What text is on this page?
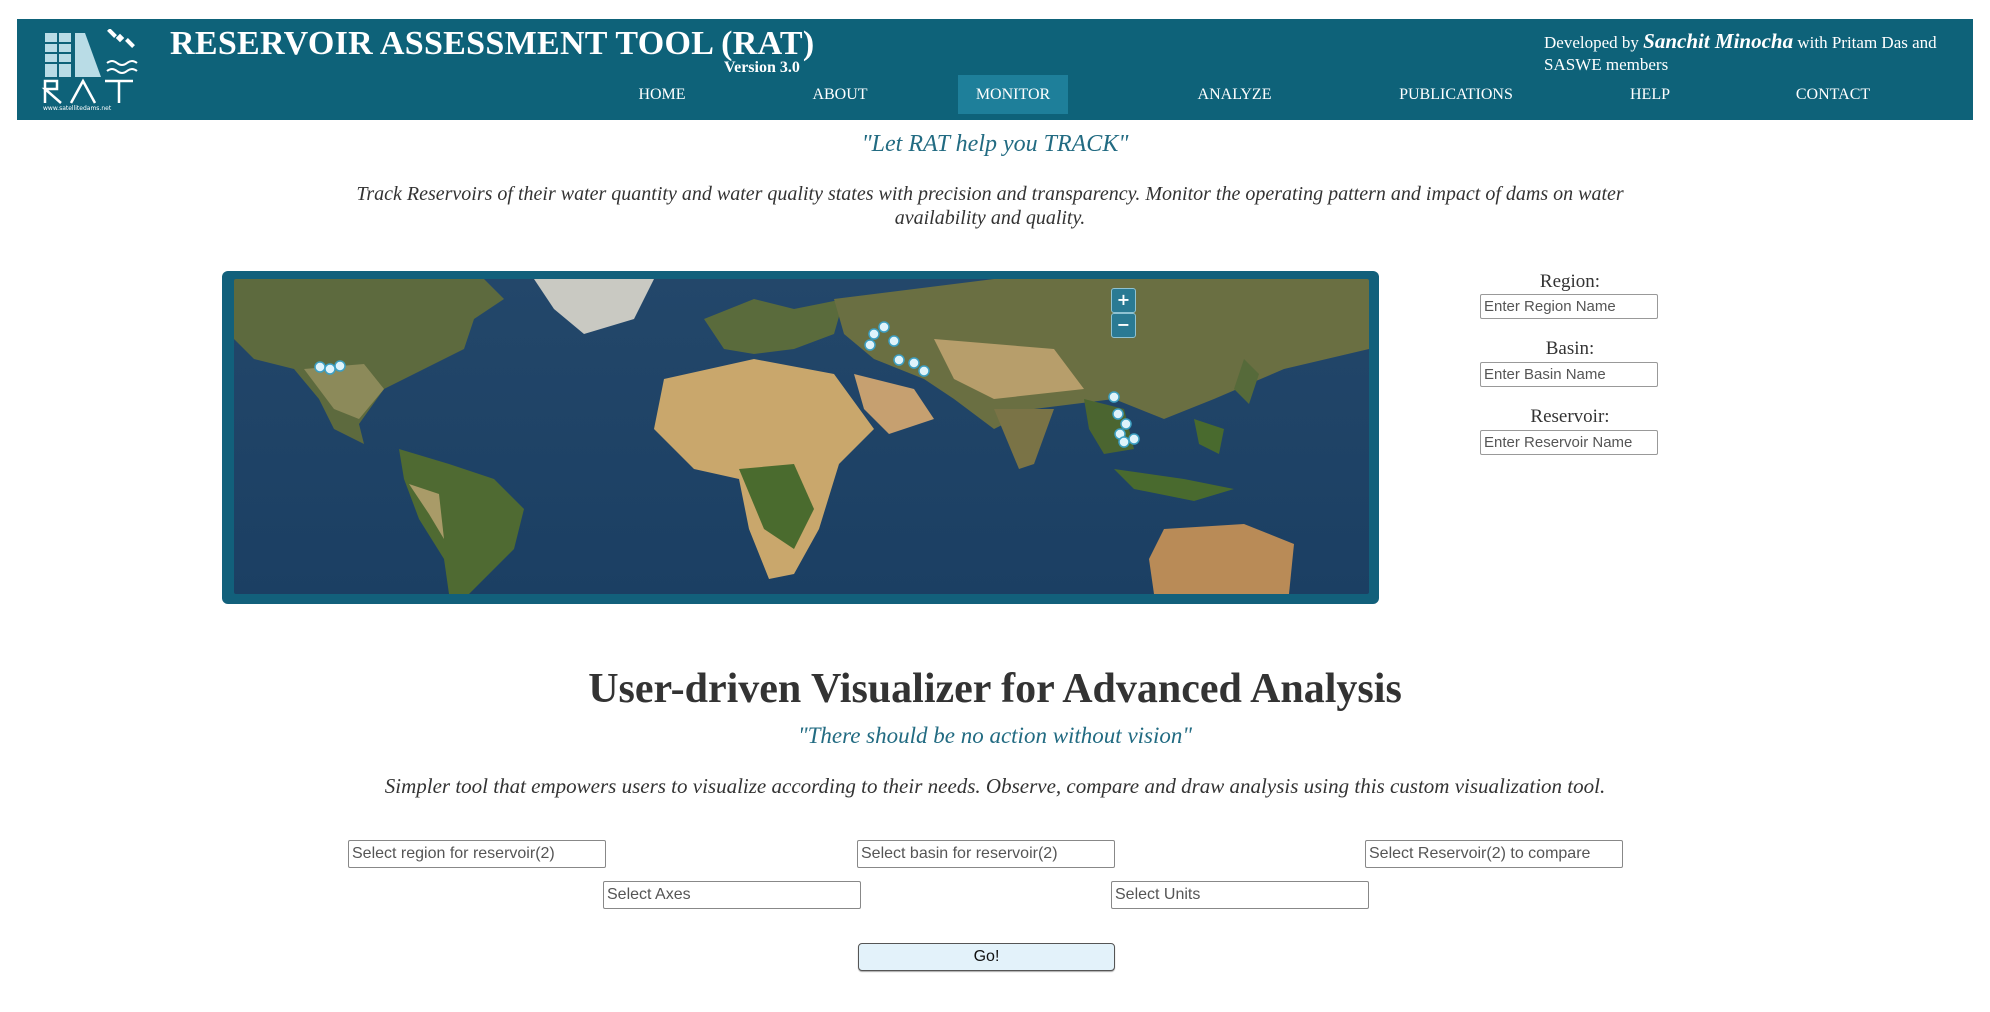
www.satellitedams.net
RESERVOIR ASSESSMENT TOOL (RAT)
Version 3.0
Developed by Sanchit Minocha with Pritam Das and SASWE members
HOME	ABOUT	MONITOR	ANALYZE	PUBLICATIONS	HELP	CONTACT
"Let RAT help you TRACK"
Track Reservoirs of their water quantity and water quality states with precision and transparency. Monitor the operating pattern and impact of dams on water availability and quality.
+
−
Region:
Enter Region Name
Basin:
Enter Basin Name
Reservoir:
Enter Reservoir Name
User-driven Visualizer for Advanced Analysis
"There should be no action without vision"
Simpler tool that empowers users to visualize according to their needs. Observe, compare and draw analysis using this custom visualization tool.
Select region for reservoir(2)	Select basin for reservoir(2)	Select Reservoir(2) to compare
Select Axes	Select Units
Go!
